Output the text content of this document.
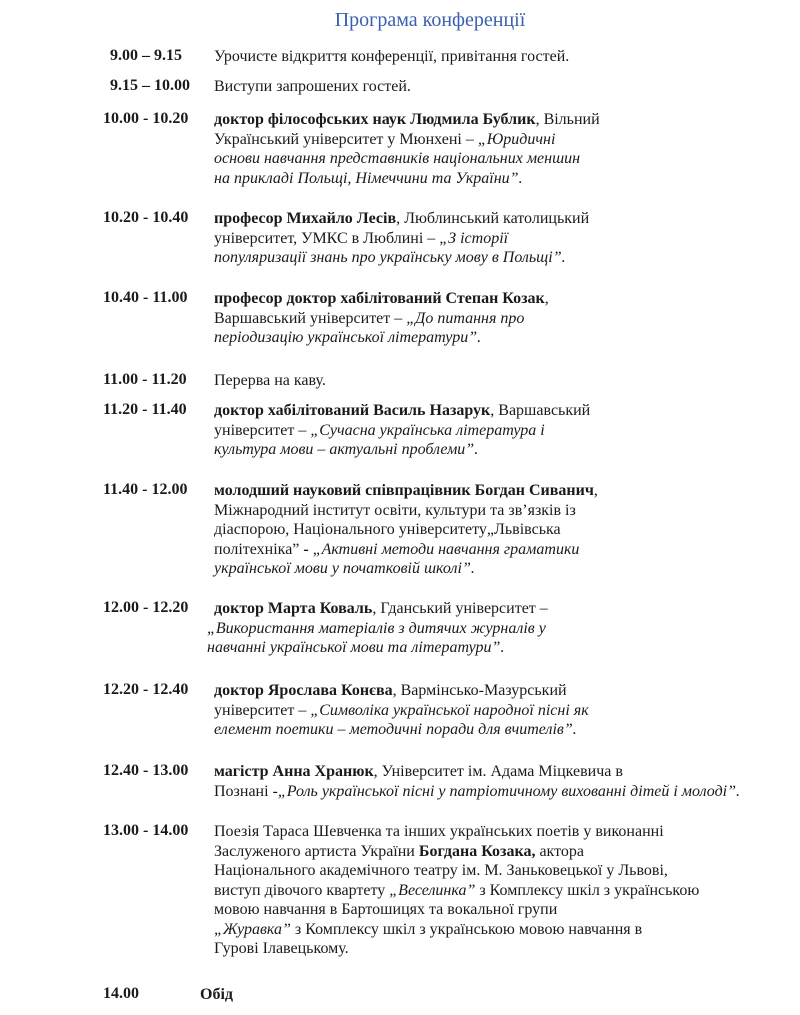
Програма конференції
9.00 – 9.15 Урочисте відкриття конференції, привітання гостей.
9.15 – 10.00 Виступи запрошених гостей.
10.00 - 10.20 доктор філософських наук Людмила Бублик, Вільний
Український університет у Мюнхені – „Юридичні
основи навчання представників національних меншин
на прикладі Польщі, Німеччини та України”.
10.20 - 10.40 професор Михайло Лесів, Люблинський католицький
університет, УМКС в Люблині – „З історії
популяризації знань про українську мову в Польщі”.
10.40 - 11.00 професор доктор хабілітований Степан Козак,
Варшавський університет – „До питання про
періодизацію української літератури”.
11.00 - 11.20 Перерва на каву.
11.20 - 11.40 доктор хабілітований Василь Назарук, Варшавський
університет – „Сучасна українська література і
культура мови – актуальні проблеми”.
11.40 - 12.00 молодший науковий співпрацівник Богдан Сиванич,
Міжнародний інститут освіти, культури та зв’язків із
діаспорою, Національного університету„Львівська
політехніка” - „Активні методи навчання граматики
української мови у початковій школі”.
12.00 - 12.20	доктор Марта Коваль, Гданський університет –
„Використання матеріалів з дитячих журналів у
навчанні української мови та літератури”.
12.20 - 12.40 доктор Ярослава Конєва, Вармінсько-Мазурський
університет – „Символіка української народної пісні як
елемент поетики – методичні поради для вчителів”.
12.40 - 13.00 магістр Анна Хранюк, Університет ім. Адама Міцкевича в
Познані -„Роль української пісні у патріотичному вихованні дітей і молоді”.
13.00 - 14.00 Поезія Тараса Шевченка та інших українських поетів у виконанні
Заслуженого артиста України Богдана Козака, актора
Національного академічного театру ім. М. Заньковецької у Львові,
виступ дівочого квартету „Веселинка” з Комплексу шкіл з українською
мовою навчання в Бартошицях та вокальної групи
„Журавка” з Комплексу шкіл з українською мовою навчання в
Гурові Ілавецькому.
14.00	Обід
